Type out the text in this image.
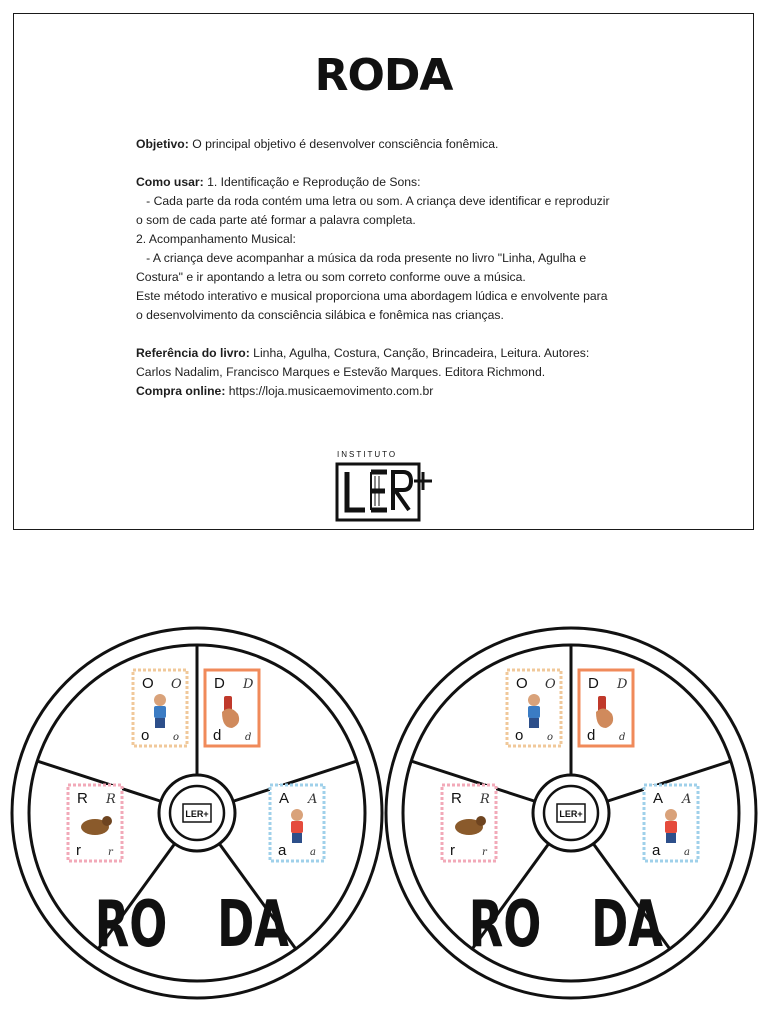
RODA

Objetivo: O principal objetivo é desenvolver consciência fonêmica.

Como usar: 1. Identificação e Reprodução de Sons:

- Cada parte da roda contém uma letra ou som. A criança deve identificar e reproduzir

o som de cada parte até formar a palavra completa.

2. Acompanhamento Musical:

- A criança deve acompanhar a música da roda presente no livro "Linha, Agulha e

Costura" e ir apontando a letra ou som correto conforme ouve a música.

Este método interativo e musical proporciona uma abordagem lúdica e envolvente para

o desenvolvimento da consciência silábica e fonêmica nas crianças.

Referência do livro: Linha, Agulha, Costura, Canção, Brincadeira, Leitura. Autores:

Carlos Nadalim, Francisco Marques e Estevão Marques. Editora Richmond.

Compra online: https://loja.musicaemovimento.com.br

INSTITUTO
LER+
RO DA
O O
o o
D D
d d
A A
a a
R R
r	r
LER+
RO DA
O O
o o
D D
d d
A A
a a
R R
r	r
